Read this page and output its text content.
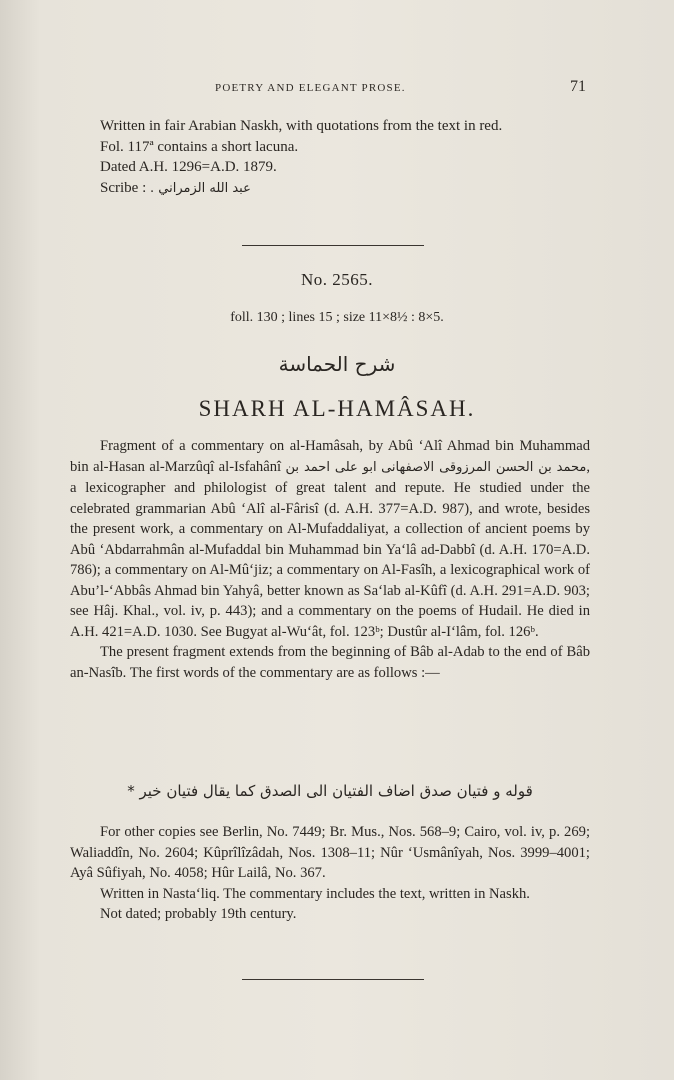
POETRY AND ELEGANT PROSE.	71

Written in fair Arabian Naskh, with quotations from the text in red.

Fol. 117ª contains a short lacuna.

Dated A.H. 1296=A.D. 1879.

Scribe : عبد الله الزمراني .

No. 2565.
foll. 130 ; lines 15 ; size 11×8½ : 8×5.
شرح الحماسة
SHARH AL-HAMÂSAH.

Fragment of a commentary on al-Hamâsah, by Abû ‘Alî Ahmad bin Muhammad bin al-Hasan al-Marzûqî al-Isfahânî ابو علی احمد بن محمد بن الحسن المرزوقی الاصفهانی, a lexicographer and philologist of great talent and repute. He studied under the celebrated grammarian Abû ‘Alî al-Fârisî (d. A.H. 377=A.D. 987), and wrote, besides the present work, a commentary on Al-Mufaddaliyat, a collection of ancient poems by Abû ‘Abdarrahmân al-Mufaddal bin Muhammad bin Ya‘lâ ad-Dabbî (d. A.H. 170=A.D. 786); a commentary on Al-Mû‘jiz; a commentary on Al-Fasîh, a lexicographical work of Abu’l-‘Abbâs Ahmad bin Yahyâ, better known as Sa‘lab al-Kûfî (d. A.H. 291=A.D. 903; see Hâj. Khal., vol. iv, p. 443); and a commentary on the poems of Hudail. He died in A.H. 421=A.D. 1030. See Bugyat al-Wu‘ât, fol. 123ᵇ; Dustûr al-I‘lâm, fol. 126ᵇ.

The present fragment extends from the beginning of Bâb al-Adab to the end of Bâb an-Nasîb. The first words of the commentary are as follows :—

قوله و فتیان صدق اضاف الفتیان الی الصدق كما يقال فتيان خير *

For other copies see Berlin, No. 7449; Br. Mus., Nos. 568–9; Cairo, vol. iv, p. 269; Waliaddîn, No. 2604; Kûprîlîzâdah, Nos. 1308–11; Nûr ‘Usmânîyah, Nos. 3999–4001; Ayâ Sûfiyah, No. 4058; Hûr Lailâ, No. 367.

Written in Nasta‘liq. The commentary includes the text, written in Naskh.

Not dated; probably 19th century.
